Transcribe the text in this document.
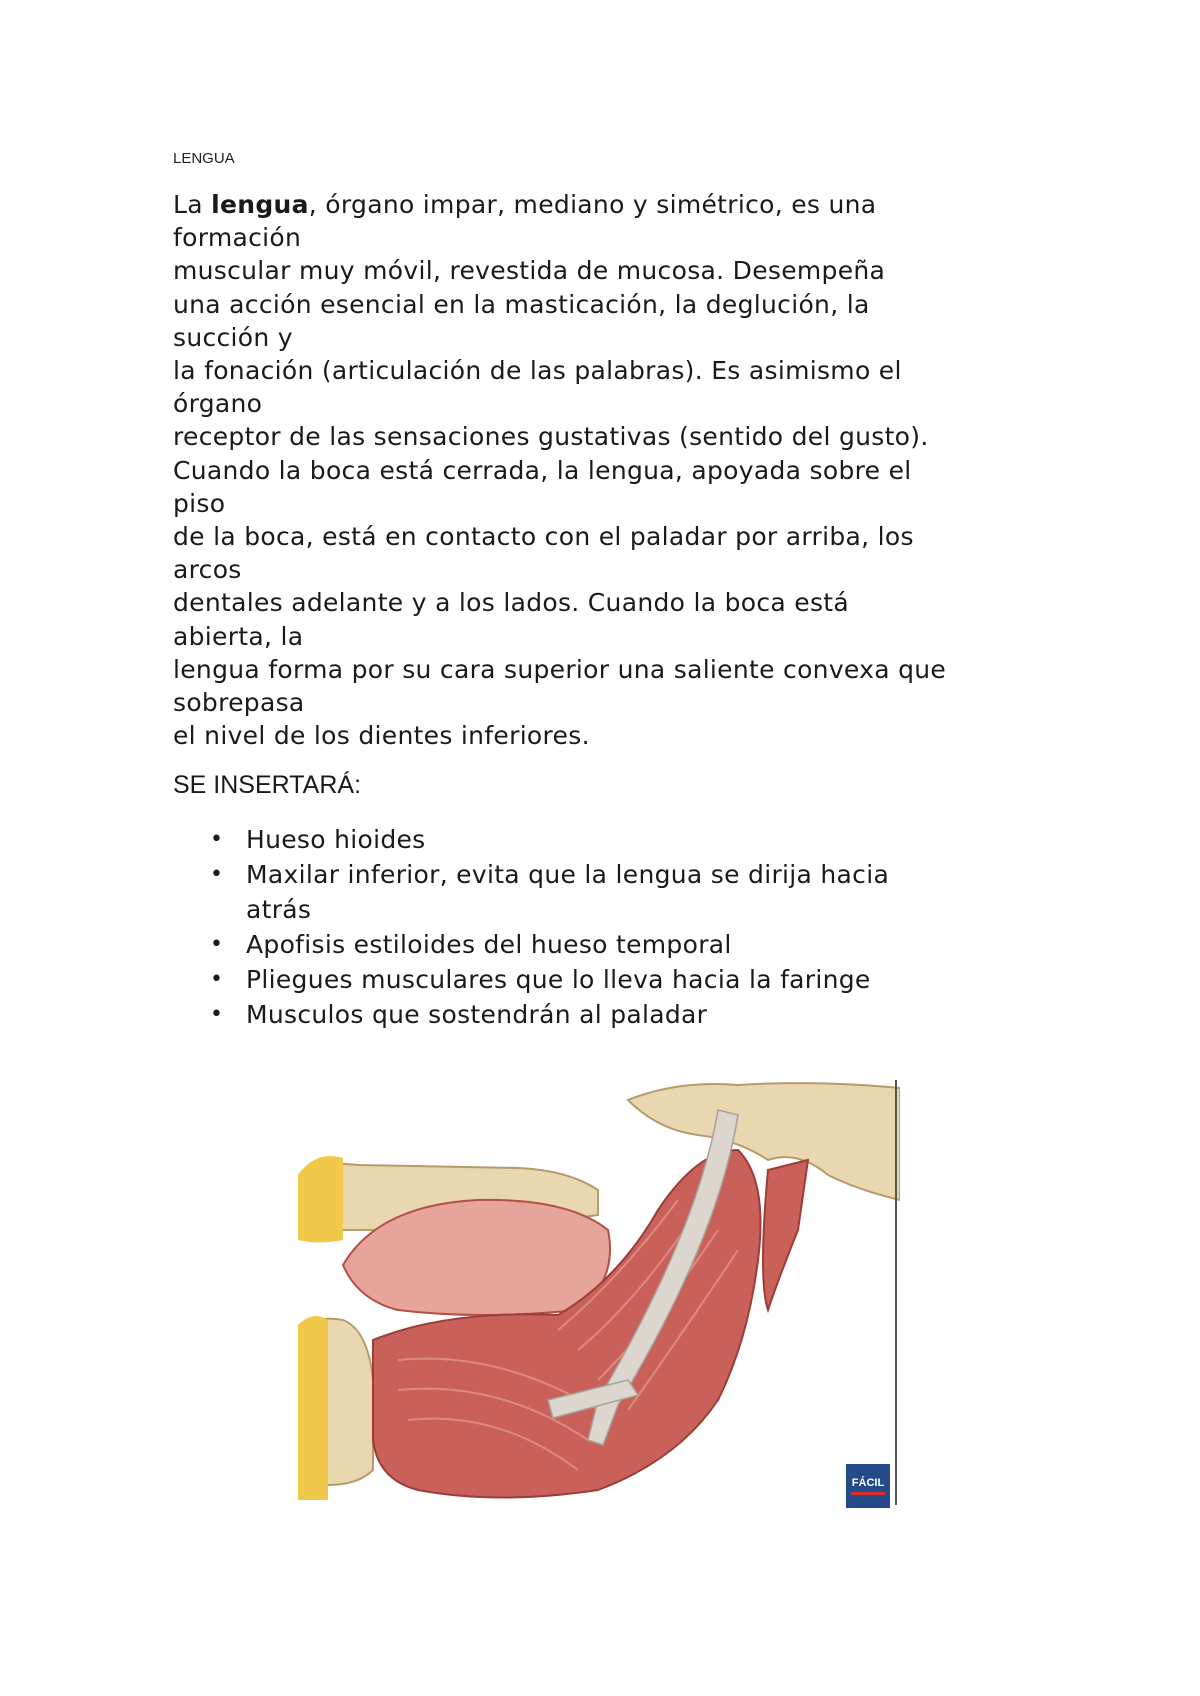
LENGUA
La lengua, órgano impar, mediano y simétrico, es una
formación
muscular muy móvil, revestida de mucosa. Desempeña
una acción esencial en la masticación, la deglución, la
succión y
la fonación (articulación de las palabras). Es asimismo el
órgano
receptor de las sensaciones gustativas (sentido del gusto).
Cuando la boca está cerrada, la lengua, apoyada sobre el
piso
de la boca, está en contacto con el paladar por arriba, los
arcos
dentales adelante y a los lados. Cuando la boca está
abierta, la
lengua forma por su cara superior una saliente convexa que
sobrepasa
el nivel de los dientes inferiores.
SE INSERTARÁ:
• Hueso hioides
• Maxilar inferior, evita que la lengua se dirija hacia
atrás
• Apofisis estiloides del hueso temporal
• Pliegues musculares que lo lleva hacia la faringe
• Musculos que sostendrán al paladar
FÁCIL
